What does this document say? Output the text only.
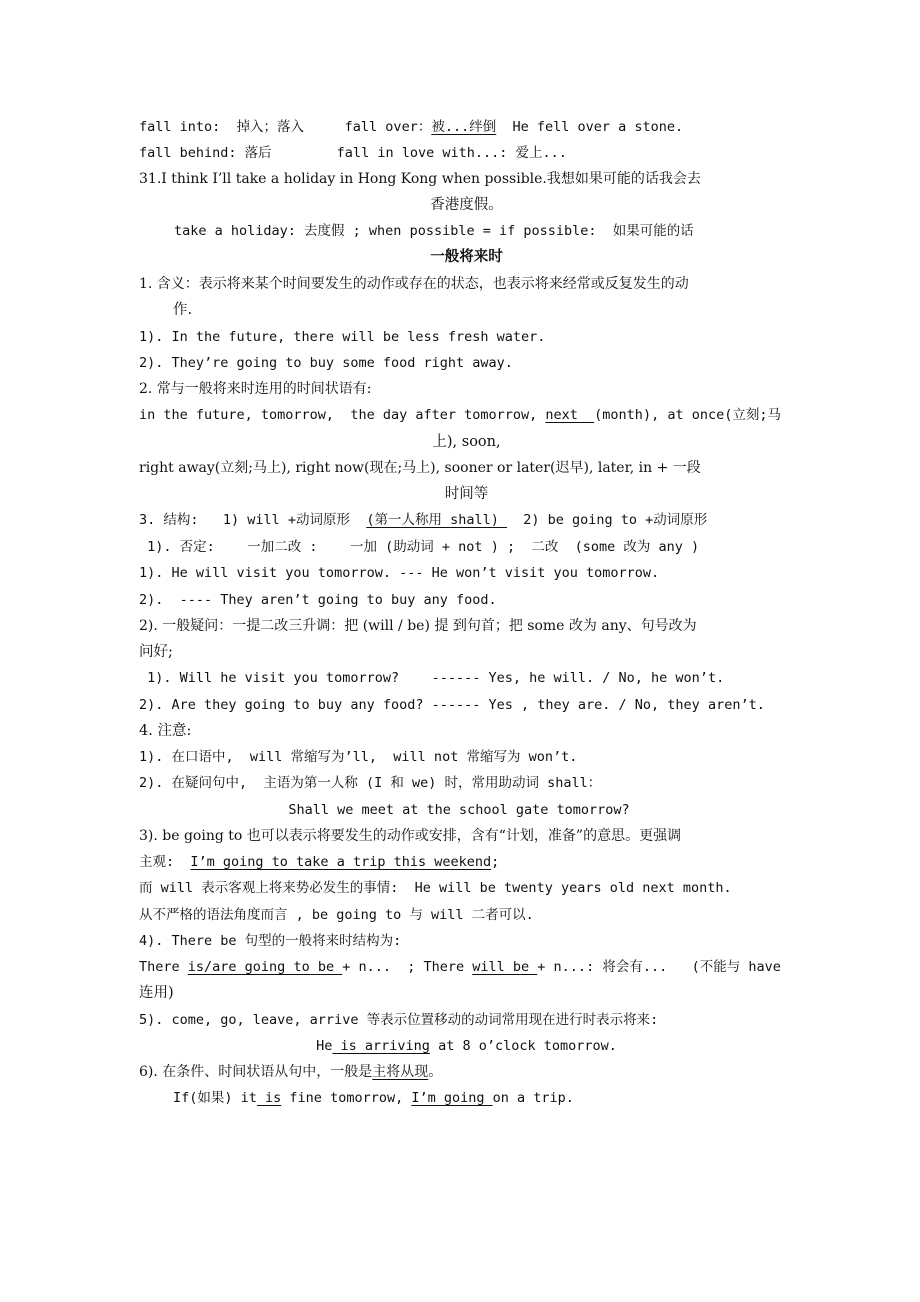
fall into:  掉入；落入     fall over：被...绊倒  He fell over a stone.
fall behind: 落后        fall in love with...: 爱上...
31.I think I’ll take a holiday in Hong Kong when possible.我想如果可能的话我会去
香港度假。
take a holiday: 去度假 ; when possible = if possible:  如果可能的话
一般将来时
1. 含义：表示将来某个时间要发生的动作或存在的状态，也表示将来经常或反复发生的动
作.
1). In the future, there will be less fresh water.
2). They’re going to buy some food right away.
2. 常与一般将来时连用的时间状语有:
in the future, tomorrow,  the day after tomorrow, next  (month), at once(立刻;马
上), soon,
right away(立刻;马上), right now(现在;马上), sooner or later(迟早), later, in + 一段
时间等
3. 结构:   1) will +动词原形  (第一人称用 shall)   2) be going to +动词原形
1). 否定:    一加二改 :    一加 (助动词 + not ) ;  二改  (some 改为 any )
1). He will visit you tomorrow. --- He won’t visit you tomorrow.
2).  ---- They aren’t going to buy any food.
2). 一般疑问：一提二改三升调：把 (will / be) 提 到句首；把 some 改为 any、句号改为
问好;
1). Will he visit you tomorrow?    ------ Yes, he will. / No, he won’t.
2). Are they going to buy any food? ------ Yes , they are. / No, they aren’t.
4. 注意:
1). 在口语中,  will 常缩写为’ll,  will not 常缩写为 won’t.
2). 在疑问句中,  主语为第一人称 (I 和 we) 时，常用助动词 shall：
Shall we meet at the school gate tomorrow?
3). be going to 也可以表示将要发生的动作或安排，含有“计划，准备”的意思。更强调
主观:  I’m going to take a trip this weekend;
而 will 表示客观上将来势必发生的事情:  He will be twenty years old next month.
从不严格的语法角度而言 , be going to 与 will 二者可以.
4). There be 句型的一般将来时结构为:
There is/are going to be + n...  ; There will be + n...: 将会有...   (不能与 have
连用)
5). come, go, leave, arrive 等表示位置移动的动词常用现在进行时表示将来:
He is arriving at 8 o’clock tomorrow.
6). 在条件、时间状语从句中，一般是主将从现。
If(如果) it is fine tomorrow, I’m going on a trip.
